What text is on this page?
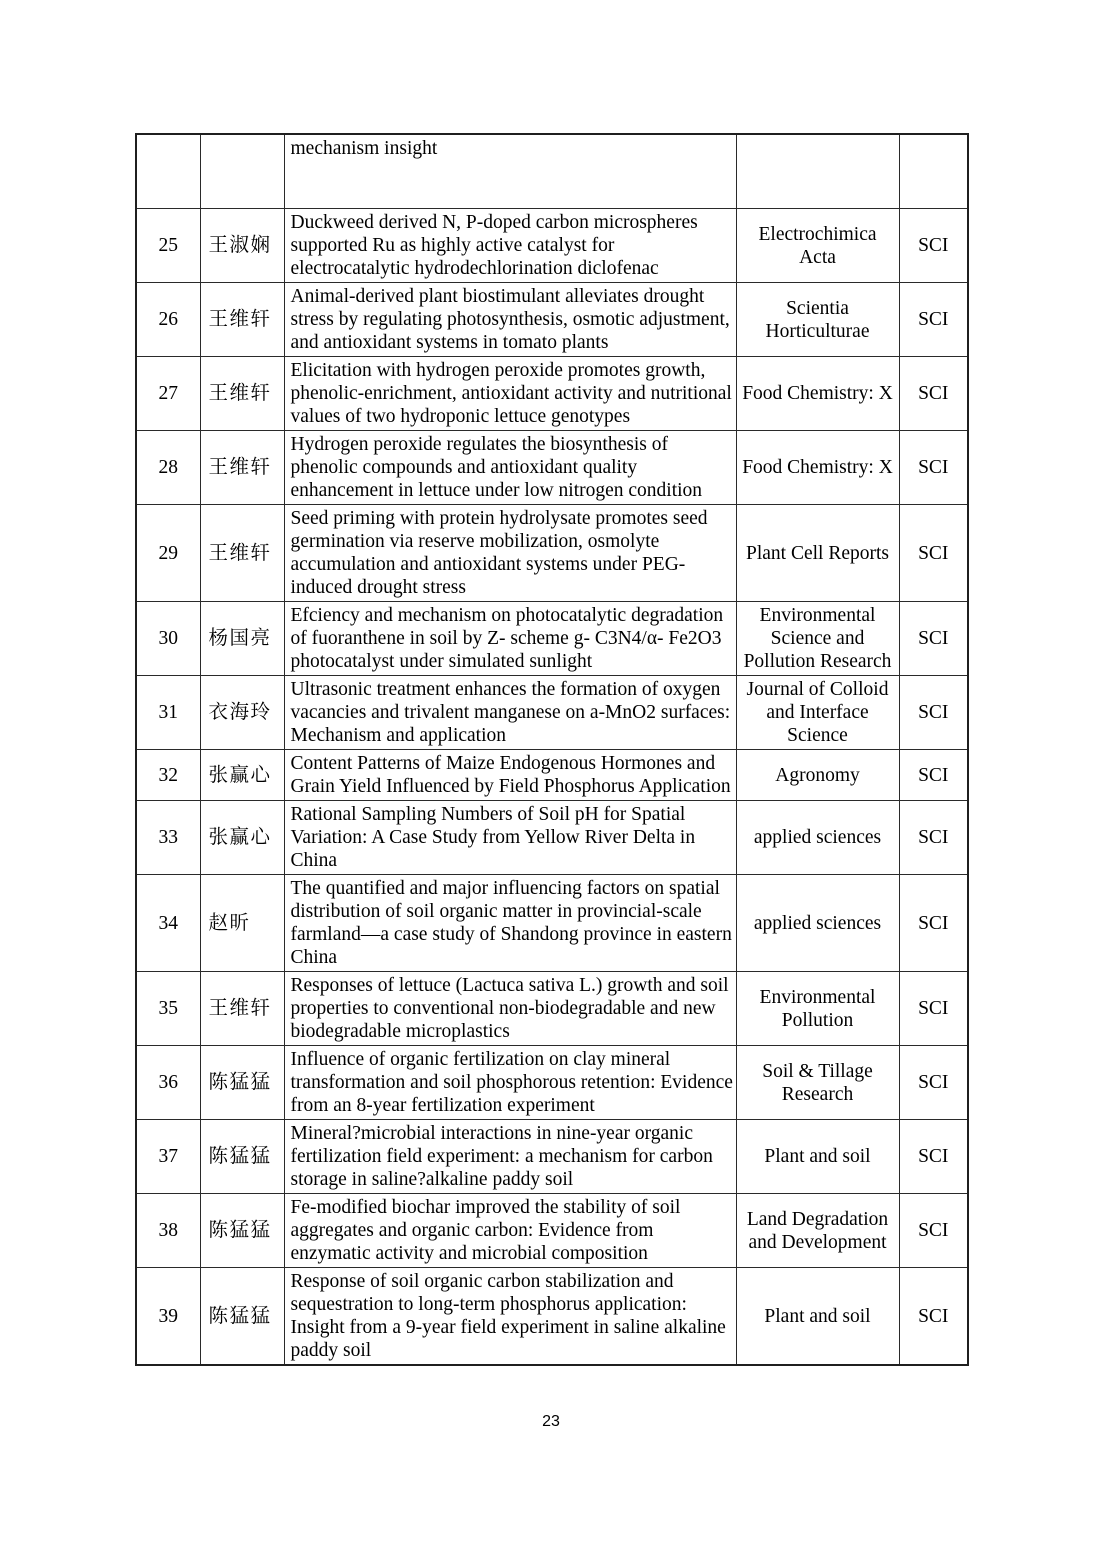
		mechanism insight		
25	王淑娴	Duckweed derived N, P-doped carbon microspheres supported Ru as highly active catalyst for electrocatalytic hydrodechlorination diclofenac	Electrochimica Acta	SCI
26	王维轩	Animal-derived plant biostimulant alleviates drought stress by regulating photosynthesis, osmotic adjustment, and antioxidant systems in tomato plants	Scientia Horticulturae	SCI
27	王维轩	Elicitation with hydrogen peroxide promotes growth, phenolic-enrichment, antioxidant activity and nutritional values of two hydroponic lettuce genotypes	Food Chemistry: X	SCI
28	王维轩	Hydrogen peroxide regulates the biosynthesis of phenolic compounds and antioxidant quality enhancement in lettuce under low nitrogen condition	Food Chemistry: X	SCI
29	王维轩	Seed priming with protein hydrolysate promotes seed germination via reserve mobilization, osmolyte accumulation and antioxidant systems under PEG- induced drought stress	Plant Cell Reports	SCI
30	杨国亮	Efciency and mechanism on photocatalytic degradation of fuoranthene in soil by Z- scheme g- C3N4/α- Fe2O3 photocatalyst under simulated sunlight	Environmental Science and Pollution Research	SCI
31	衣海玲	Ultrasonic treatment enhances the formation of oxygen vacancies and trivalent manganese on a-MnO2 surfaces: Mechanism and application	Journal of Colloid and Interface Science	SCI
32	张赢心	Content Patterns of Maize Endogenous Hormones and Grain Yield Influenced by Field Phosphorus Application	Agronomy	SCI
33	张赢心	Rational Sampling Numbers of Soil pH for Spatial Variation: A Case Study from Yellow River Delta in China	applied sciences	SCI
34	赵昕	The quantified and major influencing factors on spatial distribution of soil organic matter in provincial-scale farmland—a case study of Shandong province in eastern China	applied sciences	SCI
35	王维轩	Responses of lettuce (Lactuca sativa L.) growth and soil properties to conventional non-biodegradable and new biodegradable microplastics	Environmental Pollution	SCI
36	陈猛猛	Influence of organic fertilization on clay mineral transformation and soil phosphorous retention: Evidence from an 8-year fertilization experiment	Soil & Tillage Research	SCI
37	陈猛猛	Mineral?microbial interactions in nine-year organic fertilization field experiment: a mechanism for carbon storage in saline?alkaline paddy soil	Plant and soil	SCI
38	陈猛猛	Fe-modified biochar improved the stability of soil aggregates and organic carbon: Evidence from enzymatic activity and microbial composition	Land Degradation and Development	SCI
39	陈猛猛	Response of soil organic carbon stabilization and sequestration to long-term phosphorus application: Insight from a 9-year field experiment in saline alkaline paddy soil	Plant and soil	SCI
23
